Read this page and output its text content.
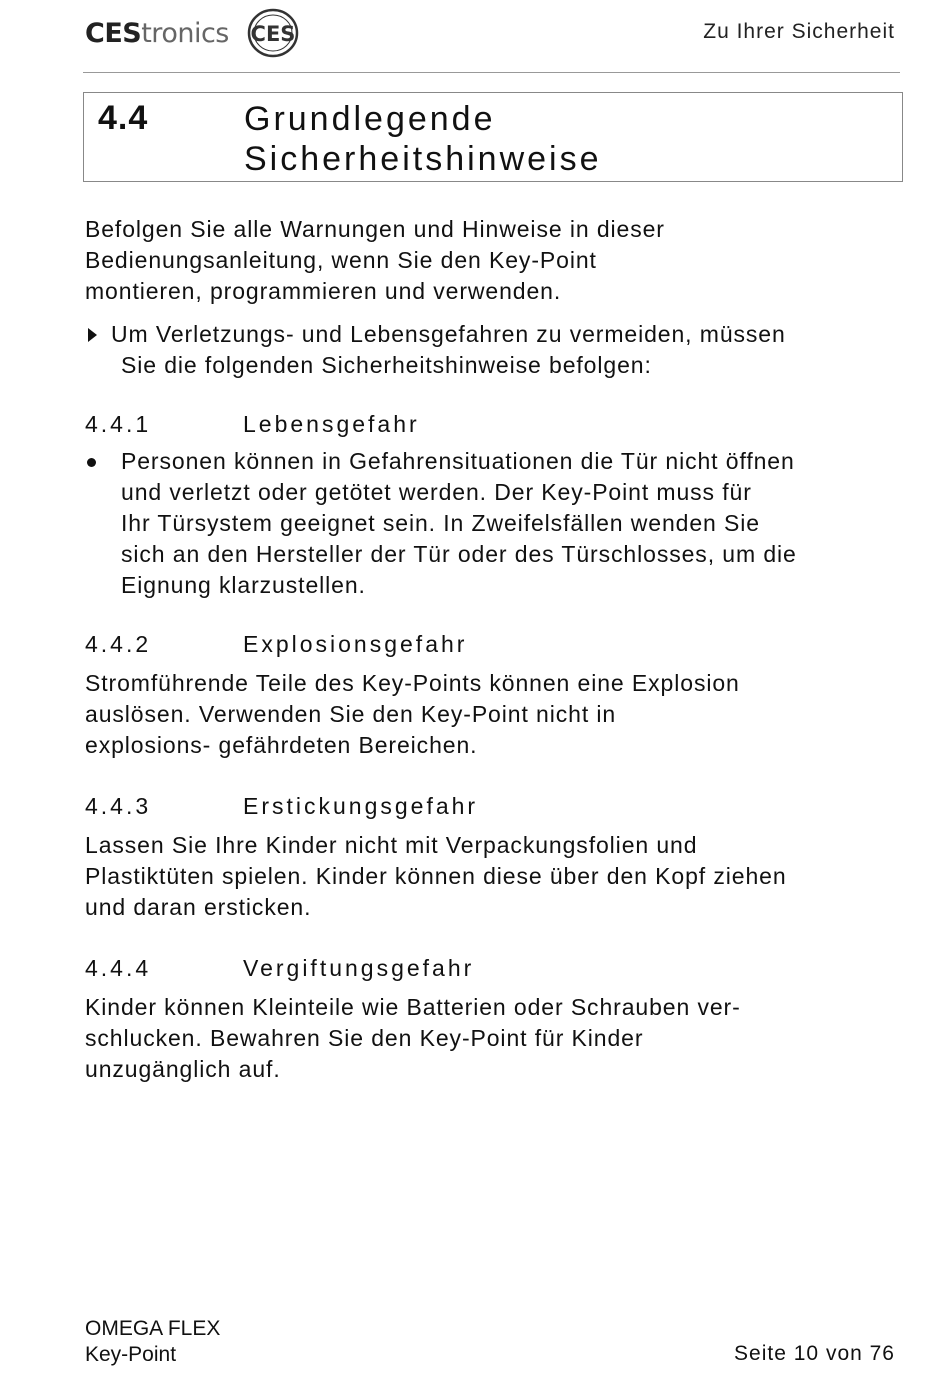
CEStronics CES	Zu Ihrer Sicherheit
4.4	Grundlegende
Sicherheitshinweise

Befolgen Sie alle Warnungen und Hinweise in dieser
Bedienungsanleitung, wenn Sie den Key-Point
montieren, programmieren und verwenden.

Um Verletzungs- und Lebensgefahren zu vermeiden, müssen
Sie die folgenden Sicherheitshinweise befolgen:

4.4.1	Lebensgefahr

Personen können in Gefahrensituationen die Tür nicht öffnen
und verletzt oder getötet werden. Der Key-Point muss für
Ihr Türsystem geeignet sein. In Zweifelsfällen wenden Sie
sich an den Hersteller der Tür oder des Türschlosses, um die
Eignung klarzustellen.

4.4.2	Explosionsgefahr

Stromführende Teile des Key-Points können eine Explosion
auslösen. Verwenden Sie den Key-Point nicht in
explosions- gefährdeten Bereichen.

4.4.3	Erstickungsgefahr

Lassen Sie Ihre Kinder nicht mit Verpackungsfolien und
Plastiktüten spielen. Kinder können diese über den Kopf ziehen
und daran ersticken.

4.4.4	Vergiftungsgefahr

Kinder können Kleinteile wie Batterien oder Schrauben ver-
schlucken. Bewahren Sie den Key-Point für Kinder
unzugänglich auf.

OMEGA FLEX
Key-Point	Seite 10 von 76
